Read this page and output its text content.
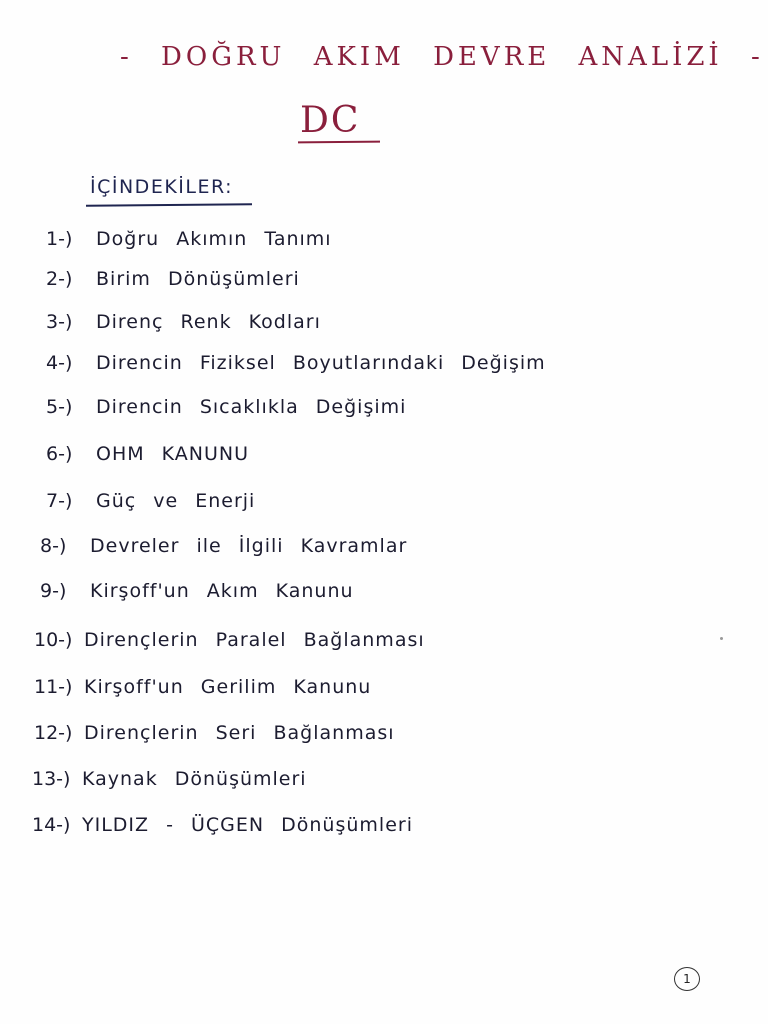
- DOĞRU AKIM DEVRE ANALİZİ -
DC
İÇİNDEKİLER:
1-) Doğru Akımın Tanımı
2-) Birim Dönüşümleri
3-) Direnç Renk Kodları
4-) Direncin Fiziksel Boyutlarındaki Değişim
5-) Direncin Sıcaklıkla Değişimi
6-) OHM KANUNU
7-) Güç ve Enerji
8-) Devreler ile İlgili Kavramlar
9-) Kirşoff'un Akım Kanunu
10-) Dirençlerin Paralel Bağlanması
11-) Kirşoff'un Gerilim Kanunu
12-) Dirençlerin Seri Bağlanması
13-) Kaynak Dönüşümleri
14-) YILDIZ - ÜÇGEN Dönüşümleri
1
